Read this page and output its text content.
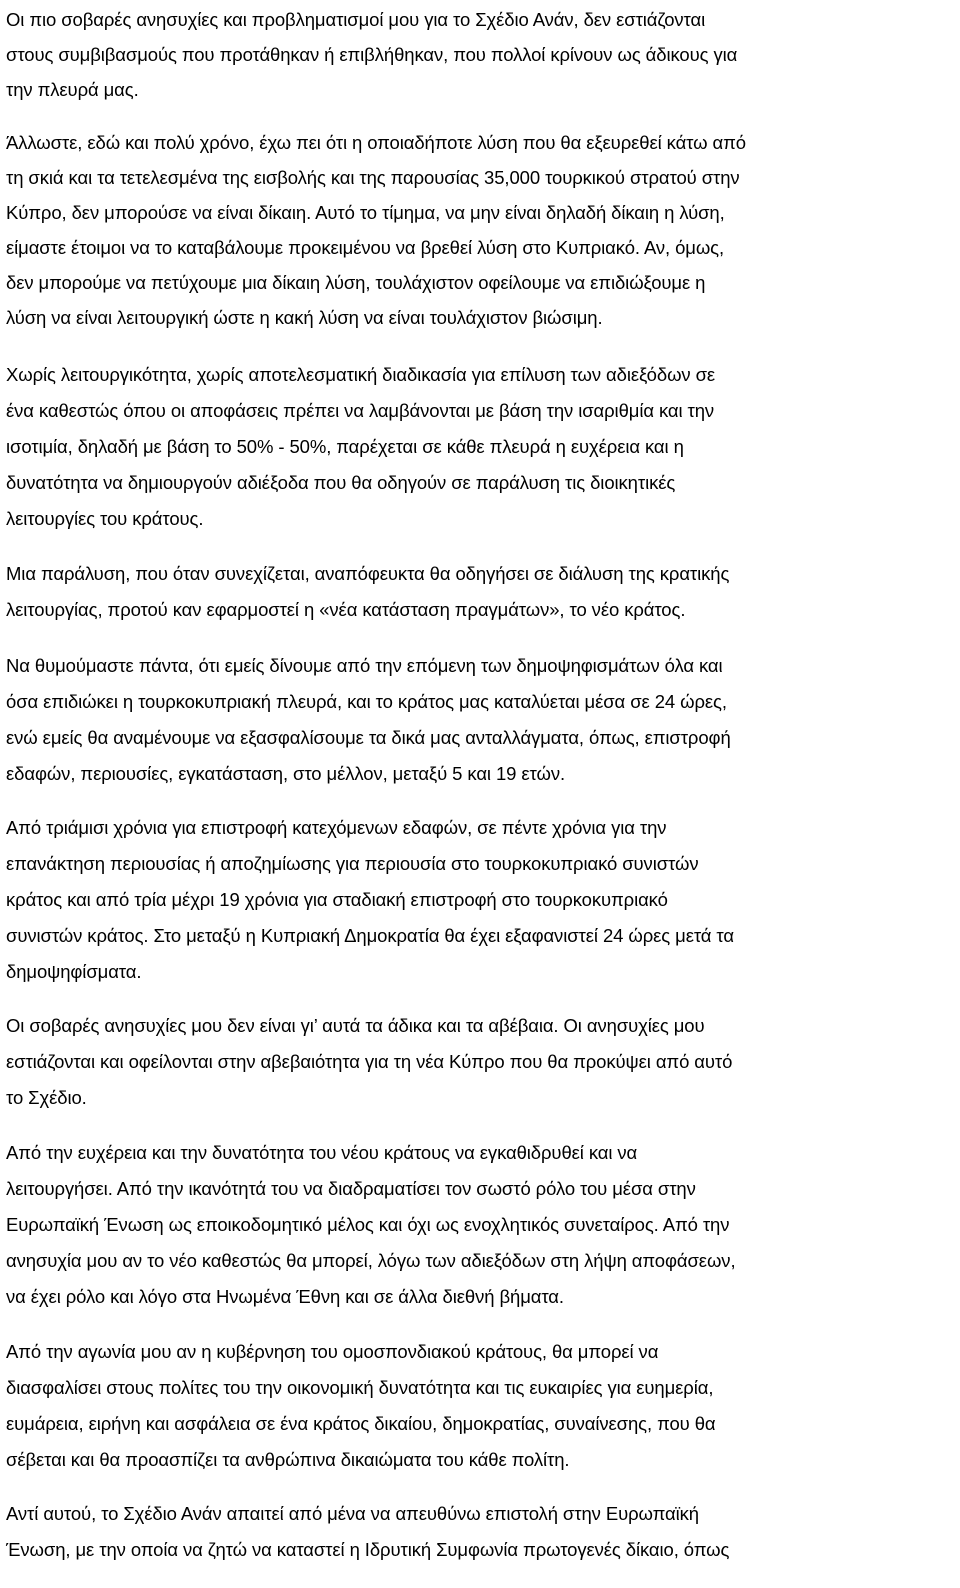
Οι πιο σοβαρές ανησυχίες και προβληματισμοί μου για το Σχέδιο Ανάν, δεν εστιάζονται
στους συμβιβασμούς που προτάθηκαν ή επιβλήθηκαν, που πολλοί κρίνουν ως άδικους για
την πλευρά μας.

Άλλωστε, εδώ και πολύ χρόνο, έχω πει ότι η οποιαδήποτε λύση που θα εξευρεθεί κάτω από
τη σκιά και τα τετελεσμένα της εισβολής και της παρουσίας 35,000 τουρκικού στρατού στην
Κύπρο, δεν μπορούσε να είναι δίκαιη. Αυτό το τίμημα, να μην είναι δηλαδή δίκαιη η λύση,
είμαστε έτοιμοι να το καταβάλουμε προκειμένου να βρεθεί λύση στο Κυπριακό. Αν, όμως,
δεν μπορούμε να πετύχουμε μια δίκαιη λύση, τουλάχιστον οφείλουμε να επιδιώξουμε η
λύση να είναι λειτουργική ώστε η κακή λύση να είναι τουλάχιστον βιώσιμη.

Χωρίς λειτουργικότητα, χωρίς αποτελεσματική διαδικασία για επίλυση των αδιεξόδων σε
ένα καθεστώς όπου οι αποφάσεις πρέπει να λαμβάνονται με βάση την ισαριθμία και την
ισοτιμία, δηλαδή με βάση το 50% - 50%, παρέχεται σε κάθε πλευρά η ευχέρεια και η
δυνατότητα να δημιουργούν αδιέξοδα που θα οδηγούν σε παράλυση τις διοικητικές
λειτουργίες του κράτους.

Μια παράλυση, που όταν συνεχίζεται, αναπόφευκτα θα οδηγήσει σε διάλυση της κρατικής
λειτουργίας, προτού καν εφαρμοστεί η «νέα κατάσταση πραγμάτων», το νέο κράτος.

Να θυμούμαστε πάντα, ότι εμείς δίνουμε από την επόμενη των δημοψηφισμάτων όλα και
όσα επιδιώκει η τουρκοκυπριακή πλευρά, και το κράτος μας καταλύεται μέσα σε 24 ώρες,
ενώ εμείς θα αναμένουμε να εξασφαλίσουμε τα δικά μας ανταλλάγματα, όπως, επιστροφή
εδαφών, περιουσίες, εγκατάσταση, στο μέλλον, μεταξύ 5 και 19 ετών.

Από τριάμισι χρόνια για επιστροφή κατεχόμενων εδαφών, σε πέντε χρόνια για την
επανάκτηση περιουσίας ή αποζημίωσης για περιουσία στο τουρκοκυπριακό συνιστών
κράτος και από τρία μέχρι 19 χρόνια για σταδιακή επιστροφή στο τουρκοκυπριακό
συνιστών κράτος. Στο μεταξύ η Κυπριακή Δημοκρατία θα έχει εξαφανιστεί 24 ώρες μετά τα
δημοψηφίσματα.

Οι σοβαρές ανησυχίες μου δεν είναι γι’ αυτά τα άδικα και τα αβέβαια. Οι ανησυχίες μου
εστιάζονται και οφείλονται στην αβεβαιότητα για τη νέα Κύπρο που θα προκύψει από αυτό
το Σχέδιο.

Από την ευχέρεια και την δυνατότητα του νέου κράτους να εγκαθιδρυθεί και να
λειτουργήσει. Από την ικανότητά του να διαδραματίσει τον σωστό ρόλο του μέσα στην
Ευρωπαϊκή Ένωση ως εποικοδομητικό μέλος και όχι ως ενοχλητικός συνεταίρος. Από την
ανησυχία μου αν το νέο καθεστώς θα μπορεί, λόγω των αδιεξόδων στη λήψη αποφάσεων,
να έχει ρόλο και λόγο στα Ηνωμένα Έθνη και σε άλλα διεθνή βήματα.

Από την αγωνία μου αν η κυβέρνηση του ομοσπονδιακού κράτους, θα μπορεί να
διασφαλίσει στους πολίτες του την οικονομική δυνατότητα και τις ευκαιρίες για ευημερία,
ευμάρεια, ειρήνη και ασφάλεια σε ένα κράτος δικαίου, δημοκρατίας, συναίνεσης, που θα
σέβεται και θα προασπίζει τα ανθρώπινα δικαιώματα του κάθε πολίτη.

Αντί αυτού, το Σχέδιο Ανάν απαιτεί από μένα να απευθύνω επιστολή στην Ευρωπαϊκή
Ένωση, με την οποία να ζητώ να καταστεί η Ιδρυτική Συμφωνία πρωτογενές δίκαιο, όπως
